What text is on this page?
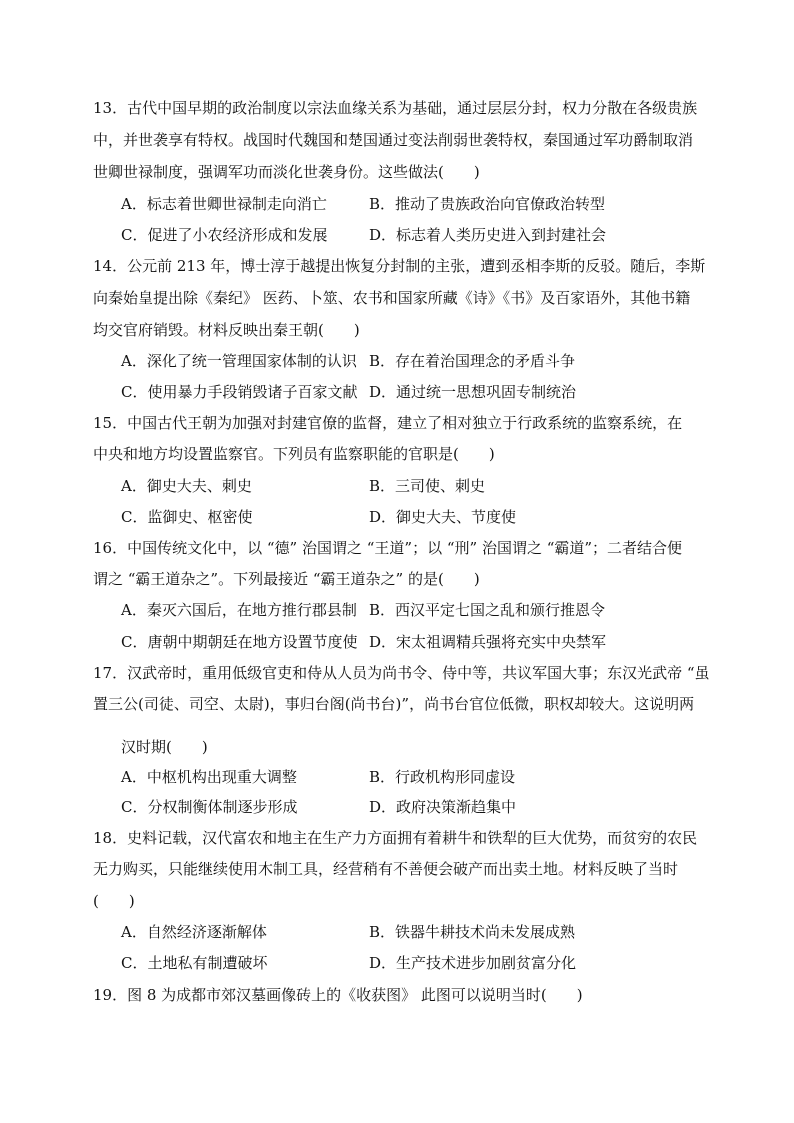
13．古代中国早期的政治制度以宗法血缘关系为基础，通过层层分封，权力分散在各级贵族
中，并世袭享有特权。战国时代魏国和楚国通过变法削弱世袭特权，秦国通过军功爵制取消
世卿世禄制度，强调军功而淡化世袭身份。这些做法(　　)
A．标志着世卿世禄制走向消亡	B．推动了贵族政治向官僚政治转型
C．促进了小农经济形成和发展	D．标志着人类历史进入到封建社会
14．公元前 213 年，博士淳于越提出恢复分封制的主张，遭到丞相李斯的反驳。随后，李斯
向秦始皇提出除《秦纪》 医药、卜筮、农书和国家所藏《诗》《书》及百家语外，其他书籍
均交官府销毁。材料反映出秦王朝(　　)
A．深化了统一管理国家体制的认识 B．存在着治国理念的矛盾斗争
C．使用暴力手段销毁诸子百家文献 D．通过统一思想巩固专制统治
15．中国古代王朝为加强对封建官僚的监督，建立了相对独立于行政系统的监察系统，在
中央和地方均设置监察官。下列员有监察职能的官职是(　　)
A．御史大夫、刺史	B．三司使、刺史
C．监御史、枢密使	D．御史大夫、节度使
16．中国传统文化中，以 “德” 治国谓之 “王道”；以 “刑” 治国谓之 “霸道”；二者结合便
谓之 “霸王道杂之”。下列最接近 “霸王道杂之” 的是(　　)
A．秦灭六国后，在地方推行郡县制 B．西汉平定七国之乱和颁行推恩令
C．唐朝中期朝廷在地方设置节度使 D．宋太祖调精兵强将充实中央禁军
17．汉武帝时，重用低级官吏和侍从人员为尚书令、侍中等，共议军国大事；东汉光武帝 “虽
置三公(司徒、司空、太尉)，事归台阁(尚书台)”，尚书台官位低微，职权却较大。这说明两
汉时期(　　)
A．中枢机构出现重大调整	B．行政机构形同虚设
C．分权制衡体制逐步形成	D．政府决策渐趋集中
18．史料记载，汉代富农和地主在生产力方面拥有着耕牛和铁犁的巨大优势，而贫穷的农民
无力购买，只能继续使用木制工具，经营稍有不善便会破产而出卖土地。材料反映了当时
(　　)
A．自然经济逐渐解体	B．铁器牛耕技术尚未发展成熟
C．土地私有制遭破坏	D．生产技术进步加剧贫富分化
19．图 8 为成都市郊汉墓画像砖上的《收获图》 此图可以说明当时(　　)
